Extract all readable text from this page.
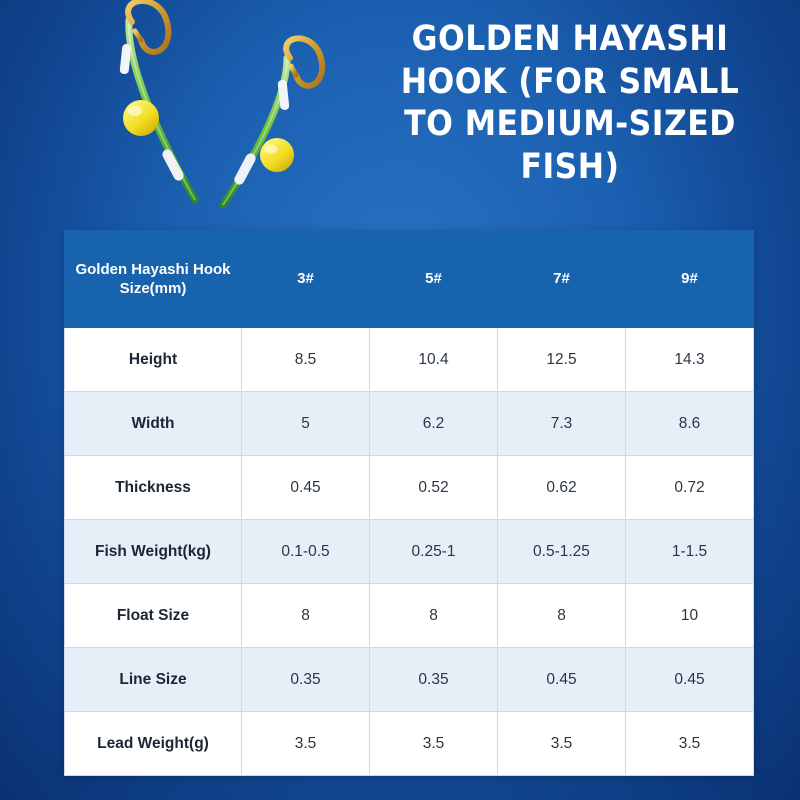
GOLDEN HAYASHI HOOK (FOR SMALL TO MEDIUM-SIZED FISH)
Golden Hayashi Hook Size(mm)	3#	5#	7#	9#
Height	8.5	10.4	12.5	14.3
Width	5	6.2	7.3	8.6
Thickness	0.45	0.52	0.62	0.72
Fish Weight(kg)	0.1-0.5	0.25-1	0.5-1.25	1-1.5
Float Size	8	8	8	10
Line Size	0.35	0.35	0.45	0.45
Lead Weight(g)	3.5	3.5	3.5	3.5
